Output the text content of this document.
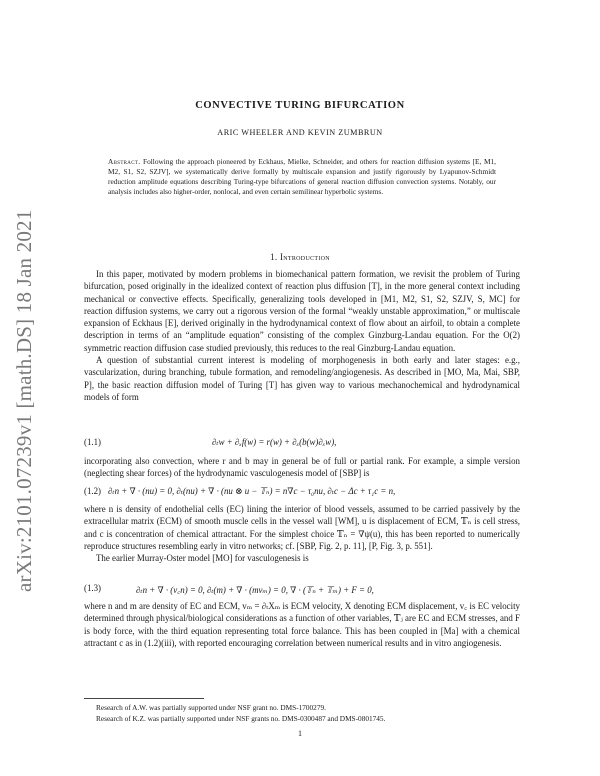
arXiv:2101.07239v1 [math.DS] 18 Jan 2021
CONVECTIVE TURING BIFURCATION
ARIC WHEELER AND KEVIN ZUMBRUN
Abstract. Following the approach pioneered by Eckhaus, Mielke, Schneider, and others for reaction diffusion systems [E, M1, M2, S1, S2, SZJV], we systematically derive formally by multiscale expansion and justify rigorously by Lyapunov-Schmidt reduction amplitude equations describing Turing-type bifurcations of general reaction diffusion convection systems. Notably, our analysis includes also higher-order, nonlocal, and even certain semilinear hyperbolic systems.
1. Introduction

In this paper, motivated by modern problems in biomechanical pattern formation, we revisit the problem of Turing bifurcation, posed originally in the idealized context of reaction plus diffusion [T], in the more general context including mechanical or convective effects. Specifically, generalizing tools developed in [M1, M2, S1, S2, SZJV, S, MC] for reaction diffusion systems, we carry out a rigorous version of the formal “weakly unstable approximation,” or multiscale expansion of Eckhaus [E], derived originally in the hydrodynamical context of flow about an airfoil, to obtain a complete description in terms of an “amplitude equation” consisting of the complex Ginzburg-Landau equation. For the O(2) symmetric reaction diffusion case studied previously, this reduces to the real Ginzburg-Landau equation.

A question of substantial current interest is modeling of morphogenesis in both early and later stages: e.g., vascularization, during branching, tubule formation, and remodeling/angiogenesis. As described in [MO, Ma, Mai, SBP, P], the basic reaction diffusion model of Turing [T] has given way to various mechanochemical and hydrodynamical models of form

(1.1)	∂ₜw + ∂ₓf(w) = r(w) + ∂ₓ(b(w)∂ₓw),

incorporating also convection, where r and b may in general be of full or partial rank. For example, a simple version (neglecting shear forces) of the hydrodynamic vasculogenesis model of [SBP] is

(1.2) ∂ₜn + ∇ · (nu) = 0, ∂ₜ(nu) + ∇ · (nu ⊗ u − 𝕋ₙ) = n∇c − τ₀nu, ∂ₜc − Δc + τ₁c = n,

where n is density of endothelial cells (EC) lining the interior of blood vessels, assumed to be carried passively by the extracellular matrix (ECM) of smooth muscle cells in the vessel wall [WM], u is displacement of ECM, 𝕋ₙ is cell stress, and c is concentration of chemical attractant. For the simplest choice 𝕋ₙ = ∇ψ(u), this has been reported to numerically reproduce structures resembling early in vitro networks; cf. [SBP, Fig. 2, p. 11], [P, Fig. 3, p. 551].

The earlier Murray-Oster model [MO] for vasculogenesis is

(1.3)	∂ₜn + ∇ · (v꜀n) = 0, ∂ₜ(m) + ∇ · (mvₘ) = 0, ∇ · (𝕋ₙ + 𝕋ₘ) + F = 0,

where n and m are density of EC and ECM, vₘ = ∂ₜXₘ is ECM velocity, X denoting ECM displacement, v꜀ is EC velocity determined through physical/biological considerations as a function of other variables, 𝕋ⱼ are EC and ECM stresses, and F is body force, with the third equation representing total force balance. This has been coupled in [Ma] with a chemical attractant c as in (1.2)(iii), with reported encouraging correlation between numerical results and in vitro angiogenesis.

Research of A.W. was partially supported under NSF grant no. DMS-1700279.
Research of K.Z. was partially supported under NSF grants no. DMS-0300487 and DMS-0801745.
1
